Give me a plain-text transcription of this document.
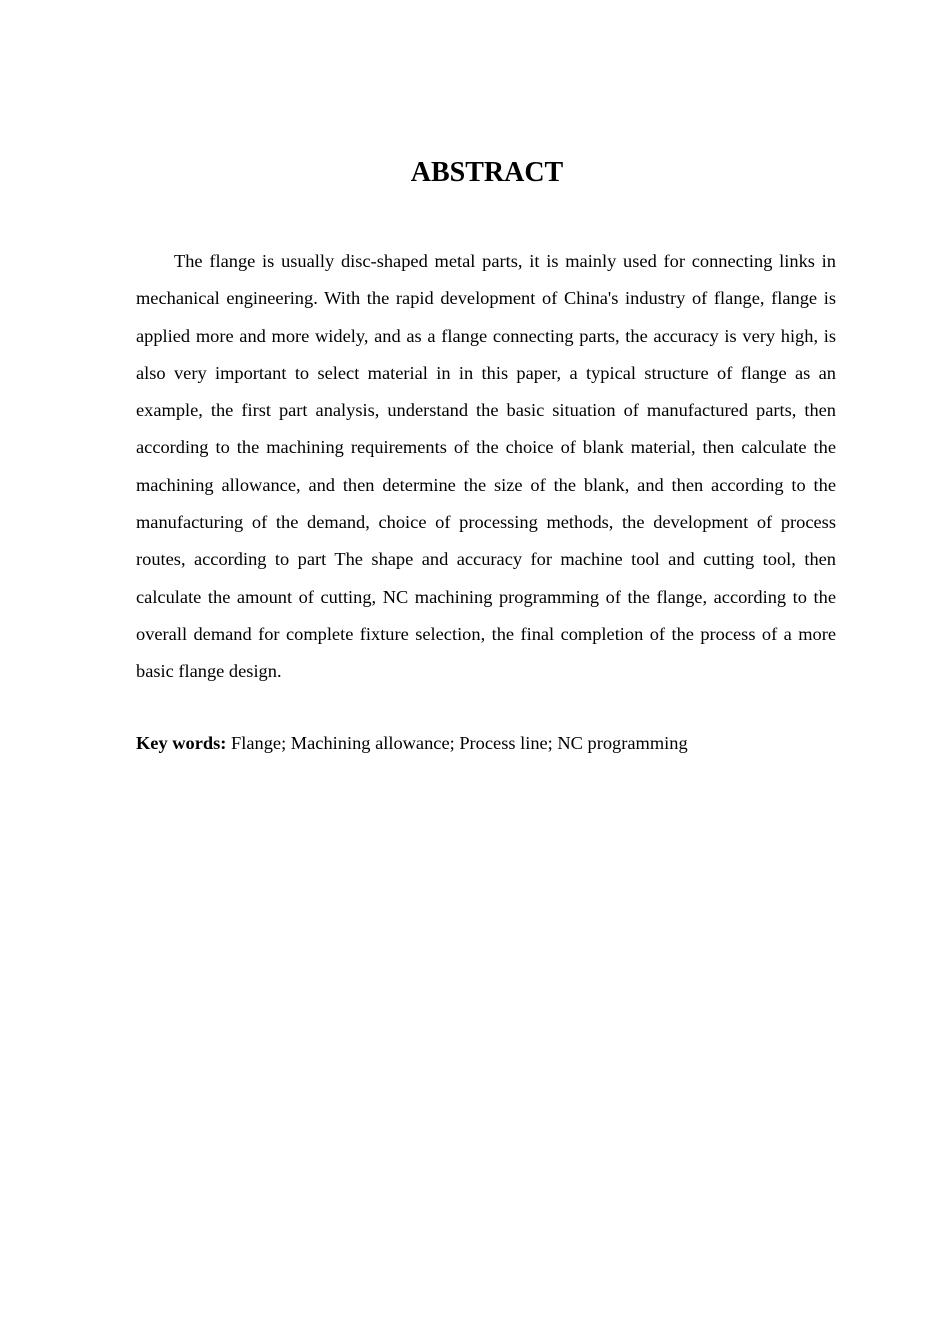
ABSTRACT

The flange is usually disc-shaped metal parts, it is mainly used for connecting links in mechanical engineering. With the rapid development of China's industry of flange, flange is applied more and more widely, and as a flange connecting parts, the accuracy is very high, is also very important to select material in in this paper, a typical structure of flange as an example, the first part analysis, understand the basic situation of manufactured parts, then according to the machining requirements of the choice of blank material, then calculate the machining allowance, and then determine the size of the blank, and then according to the manufacturing of the demand, choice of processing methods, the development of process routes, according to part The shape and accuracy for machine tool and cutting tool, then calculate the amount of cutting, NC machining programming of the flange, according to the overall demand for complete fixture selection, the final completion of the process of a more basic flange design.

Key words: Flange; Machining allowance; Process line; NC programming
